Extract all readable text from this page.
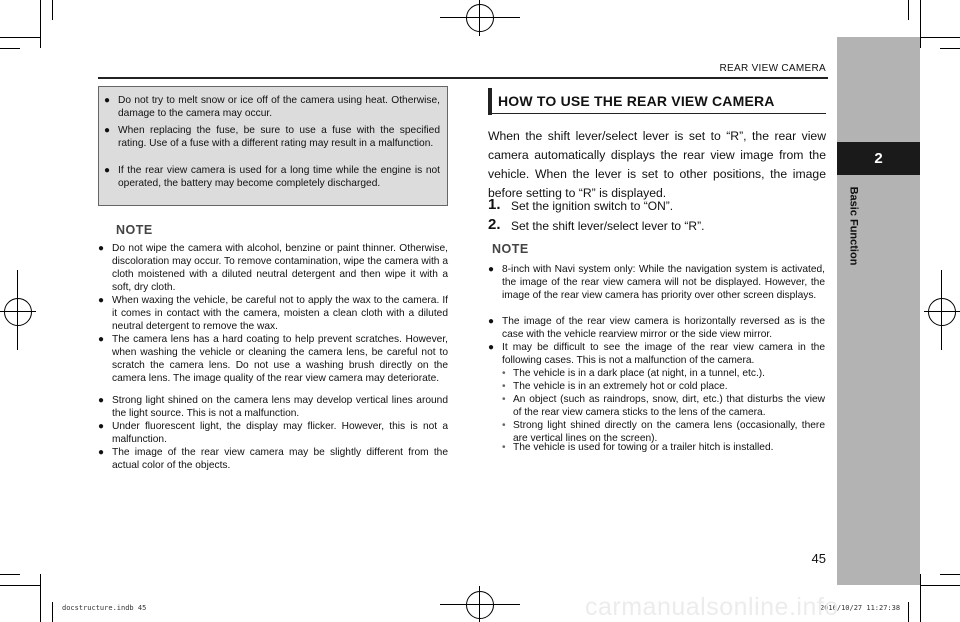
REAR VIEW CAMERA
2
Basic Function
● Do not try to melt snow or ice off of the camera using heat. Otherwise, damage to the camera may occur.
● When replacing the fuse, be sure to use a fuse with the specified rating. Use of a fuse with a different rating may result in a malfunction.
● If the rear view camera is used for a long time while the engine is not operated, the battery may become completely discharged.
NOTE
● Do not wipe the camera with alcohol, benzine or paint thinner. Otherwise, discoloration may occur. To remove contamination, wipe the camera with a cloth moistened with a diluted neutral detergent and then wipe it with a soft, dry cloth.
● When waxing the vehicle, be careful not to apply the wax to the camera. If it comes in contact with the camera, moisten a clean cloth with a diluted neutral detergent to remove the wax.
● The camera lens has a hard coating to help prevent scratches. However, when washing the vehicle or cleaning the camera lens, be careful not to scratch the camera lens. Do not use a washing brush directly on the camera lens. The image quality of the rear view camera may deteriorate.
● Strong light shined on the camera lens may develop vertical lines around the light source. This is not a malfunction.
● Under fluorescent light, the display may flicker. However, this is not a malfunction.
● The image of the rear view camera may be slightly different from the actual color of the objects.
HOW TO USE THE REAR VIEW CAMERA
When the shift lever/select lever is set to “R”, the rear view camera automatically displays the rear view image from the vehicle. When the lever is set to other positions, the image before setting to “R” is displayed.
1. Set the ignition switch to “ON”.
2. Set the shift lever/select lever to “R”.
NOTE
● 8-inch with Navi system only: While the navigation system is activated, the image of the rear view camera will not be displayed. However, the image of the rear view camera has priority over other screen displays.
● The image of the rear view camera is horizontally reversed as is the case with the vehicle rearview mirror or the side view mirror.
● It may be difficult to see the image of the rear view camera in the following cases. This is not a malfunction of the camera.
• The vehicle is in a dark place (at night, in a tunnel, etc.).
• The vehicle is in an extremely hot or cold place.
• An object (such as raindrops, snow, dirt, etc.) that disturbs the view of the rear view camera sticks to the lens of the camera.
• Strong light shined directly on the camera lens (occasionally, there are vertical lines on the screen).
• The vehicle is used for towing or a trailer hitch is installed.
45
docstructure.indb 45	2016/10/27 11:27:38
carmanualsonline.info
